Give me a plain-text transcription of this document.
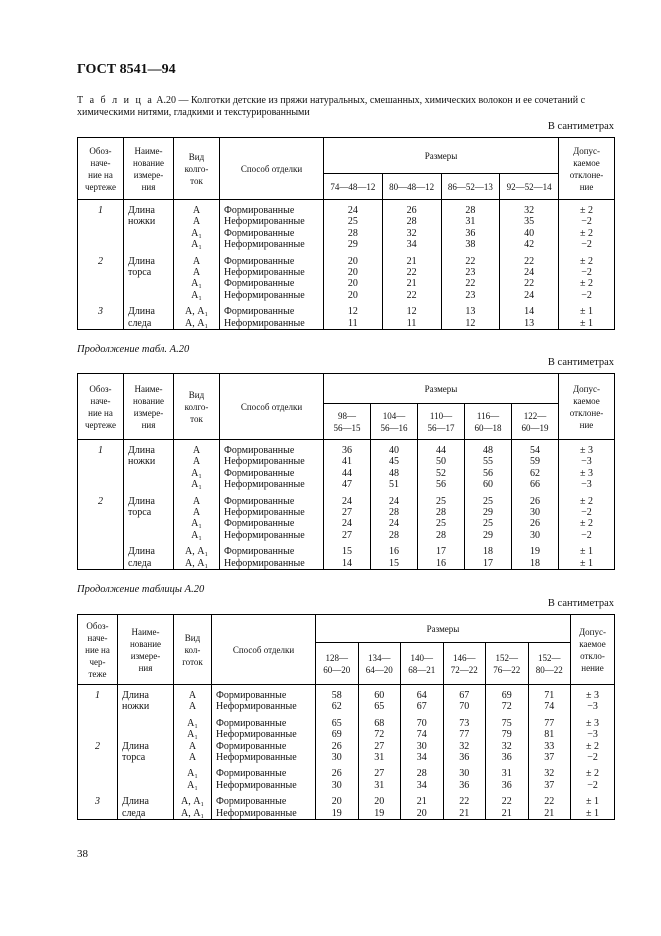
ГОСТ 8541—94
Т а б л и ц а А.20 — Колготки детские из пряжи натуральных, смешанных, химических волокон и ее сочетаний с химическими нитями, гладкими и текстурированными
В сантиметрах
Обоз-
наче-
ние на
чертеже	Наиме-
нование
измере-
ния	Вид
колго-
ток	Способ отделки	Размеры				Допус-
каемое
отклоне-
ние
				74—48—12	80—48—12	86—52—13	92—52—14	

1	Длина	А	Формированные	24	26	28	32	± 2
	ножки	А	Неформированные	25	28	31	35	−2
		А₁	Формированные	28	32	36	40	± 2
		А₁	Неформированные	29	34	38	42	−2

2	Длина	А	Формированные	20	21	22	22	± 2
	торса	А	Неформированные	20	22	23	24	−2
		А₁	Формированные	20	21	22	22	± 2
		А₁	Неформированные	20	22	23	24	−2

3	Длина	А, А₁	Формированные	12	12	13	14	± 1
	следа	А, А₁	Неформированные	11	11	12	13	± 1
Продолжение табл. А.20
В сантиметрах
Обоз-
наче-
ние на
чертеже	Наиме-
нование
измере-
ния	Вид
колго-
ток	Способ отделки	Размеры					Допус-
каемое
отклоне-
ние
				98—
56—15	104—
56—16	110—
56—17	116—
60—18	122—
60—19	

1	Длина	А	Формированные	36	40	44	48	54	± 3
	ножки	А	Неформированные	41	45	50	55	59	−3
		А₁	Формированные	44	48	52	56	62	± 3
		А₁	Неформированные	47	51	56	60	66	−3

2	Длина	А	Формированные	24	24	25	25	26	± 2
	торса	А	Неформированные	27	28	28	29	30	−2
		А₁	Формированные	24	24	25	25	26	± 2
		А₁	Неформированные	27	28	28	29	30	−2

	Длина	А, А₁	Формированные	15	16	17	18	19	± 1
	следа	А, А₁	Неформированные	14	15	16	17	18	± 1
Продолжение таблицы А.20
В сантиметрах
Обоз-
наче-
ние на
чер-
теже	Наиме-
нование
измере-
ния	Вид
кол-
готок	Способ отделки	Размеры						Допус-
каемое
откло-
нение
				128—
60—20	134—
64—20	140—
68—21	146—
72—22	152—
76—22	152—
80—22	

1	Длина	А	Формированные	58	60	64	67	69	71	± 3
	ножки	А	Неформированные	62	65	67	70	72	74	−3

		А₁	Формированные	65	68	70	73	75	77	± 3
		А₁	Неформированные	69	72	74	77	79	81	−3
2	Длина	А	Формированные	26	27	30	32	32	33	± 2
	торса	А	Неформированные	30	31	34	36	36	37	−2

		А₁	Формированные	26	27	28	30	31	32	± 2
		А₁	Неформированные	30	31	34	36	36	37	−2

3	Длина	А, А₁	Формированные	20	20	21	22	22	22	± 1
	следа	А, А₁	Неформированные	19	19	20	21	21	21	± 1
38
